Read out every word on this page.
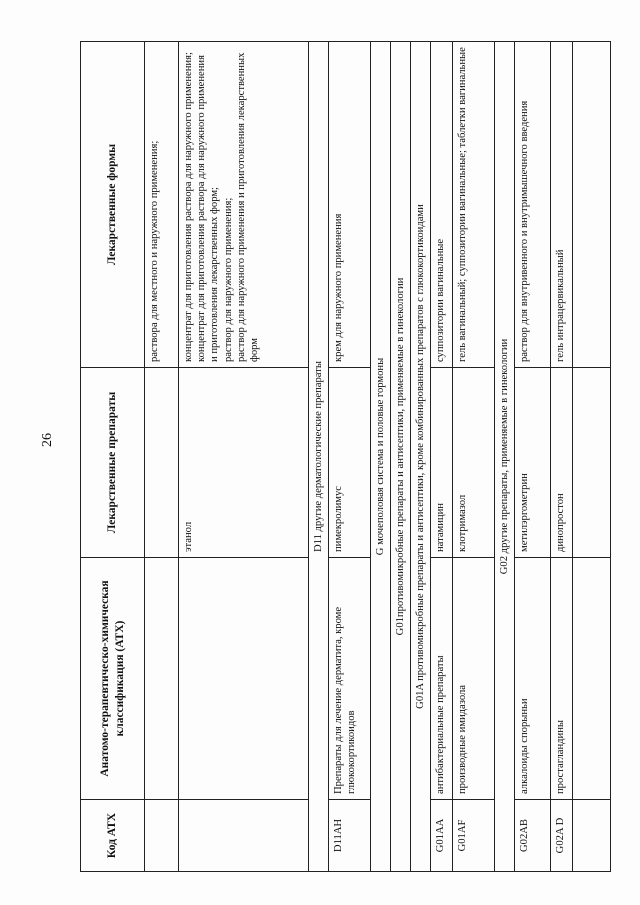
26
Код АТХ	Анатомо-терапевтическо-химическая классификация (АТХ)	Лекарственные препараты	Лекарственные формы
			раствора для местного и наружного применения;
		этанол	концентрат для приготовления раствора для наружного применения; концентрат для приготовления раствора для наружного применения и приготовления лекарственных форм; раствор для наружного применения; раствор для наружного применения и приготовления лекарственных форм

D11 другие дерматологические препараты			
D11AH	Препараты для лечение дерматита, кроме глюкокортикоидов	пимекролимус	крем для наружного применения
G мочеполовая система и половые гормоны			
G01противомикробные препараты и антисептики, применяемые в гинекологии			
G01A противомикробные препараты и антисептики, кроме комбинированных препаратов с глюкокортикоидами			
G01AA	антибактериальные препараты	натамицин	суппозитории вагинальные
G01AF	производные имидазола	клотримазол	гель вагинальный; суппозитории вагинальные; таблетки вагинальные
G02 другие препараты, применяемые в гинекологии			
G02AB	алкалоиды спорыньи	метилэргометрин	раствор для внутривенного и внутримышечного введения
G02A D	простагландины	динопростон	гель интрацервикальный
